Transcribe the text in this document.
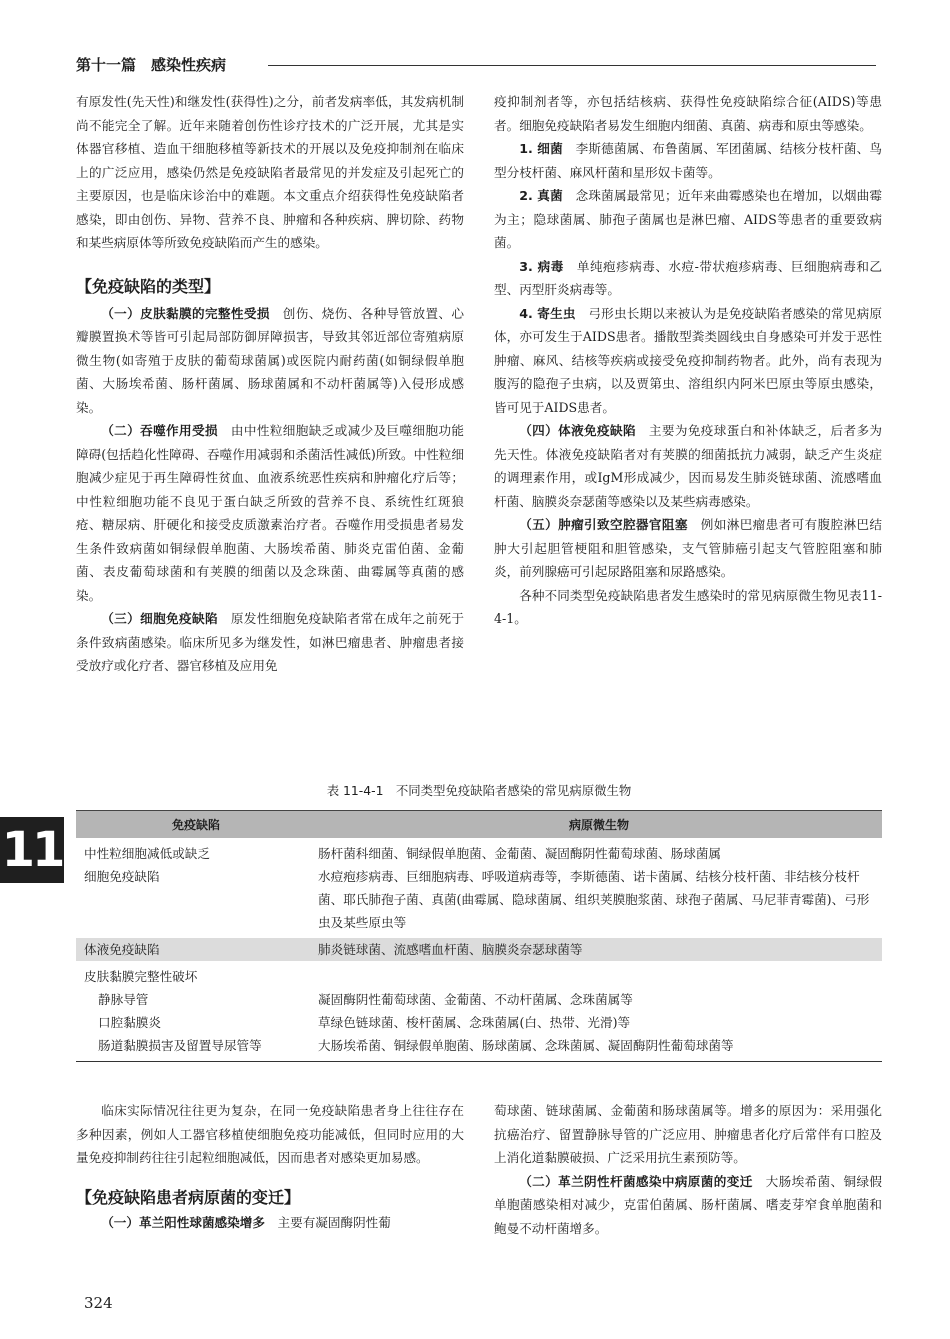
第十一篇　感染性疾病

有原发性(先天性)和继发性(获得性)之分，前者发病率低，其发病机制尚不能完全了解。近年来随着创伤性诊疗技术的广泛开展，尤其是实体器官移植、造血干细胞移植等新技术的开展以及免疫抑制剂在临床上的广泛应用，感染仍然是免疫缺陷者最常见的并发症及引起死亡的主要原因，也是临床诊治中的难题。本文重点介绍获得性免疫缺陷者感染，即由创伤、异物、营养不良、肿瘤和各种疾病、脾切除、药物和某些病原体等所致免疫缺陷而产生的感染。

【免疫缺陷的类型】

（一）皮肤黏膜的完整性受损　创伤、烧伤、各种导管放置、心瓣膜置换术等皆可引起局部防御屏障损害，导致其邻近部位寄殖病原微生物(如寄殖于皮肤的葡萄球菌属)或医院内耐药菌(如铜绿假单胞菌、大肠埃希菌、肠杆菌属、肠球菌属和不动杆菌属等)入侵形成感染。

（二）吞噬作用受损　由中性粒细胞缺乏或减少及巨噬细胞功能障碍(包括趋化性障碍、吞噬作用减弱和杀菌活性减低)所致。中性粒细胞减少症见于再生障碍性贫血、血液系统恶性疾病和肿瘤化疗后等；中性粒细胞功能不良见于蛋白缺乏所致的营养不良、系统性红斑狼疮、糖尿病、肝硬化和接受皮质激素治疗者。吞噬作用受损患者易发生条件致病菌如铜绿假单胞菌、大肠埃希菌、肺炎克雷伯菌、金葡菌、表皮葡萄球菌和有荚膜的细菌以及念珠菌、曲霉属等真菌的感染。

（三）细胞免疫缺陷　原发性细胞免疫缺陷者常在成年之前死于条件致病菌感染。临床所见多为继发性，如淋巴瘤患者、肿瘤患者接受放疗或化疗者、器官移植及应用免

疫抑制剂者等，亦包括结核病、获得性免疫缺陷综合征(AIDS)等患者。细胞免疫缺陷者易发生细胞内细菌、真菌、病毒和原虫等感染。

1. 细菌　李斯德菌属、布鲁菌属、军团菌属、结核分枝杆菌、鸟型分枝杆菌、麻风杆菌和星形奴卡菌等。

2. 真菌　念珠菌属最常见；近年来曲霉感染也在增加，以烟曲霉为主；隐球菌属、肺孢子菌属也是淋巴瘤、AIDS等患者的重要致病菌。

3. 病毒　单纯疱疹病毒、水痘-带状疱疹病毒、巨细胞病毒和乙型、丙型肝炎病毒等。

4. 寄生虫　弓形虫长期以来被认为是免疫缺陷者感染的常见病原体，亦可发生于AIDS患者。播散型粪类圆线虫自身感染可并发于恶性肿瘤、麻风、结核等疾病或接受免疫抑制药物者。此外，尚有表现为腹泻的隐孢子虫病，以及贾第虫、溶组织内阿米巴原虫等原虫感染，皆可见于AIDS患者。

（四）体液免疫缺陷　主要为免疫球蛋白和补体缺乏，后者多为先天性。体液免疫缺陷者对有荚膜的细菌抵抗力减弱，缺乏产生炎症的调理素作用，或IgM形成减少，因而易发生肺炎链球菌、流感嗜血杆菌、脑膜炎奈瑟菌等感染以及某些病毒感染。

（五）肿瘤引致空腔器官阻塞　例如淋巴瘤患者可有腹腔淋巴结肿大引起胆管梗阻和胆管感染，支气管肺癌引起支气管腔阻塞和肺炎，前列腺癌可引起尿路阻塞和尿路感染。

各种不同类型免疫缺陷患者发生感染时的常见病原微生物见表11-4-1。

11
表 11-4-1　不同类型免疫缺陷者感染的常见病原微生物
免疫缺陷	病原微生物
中性粒细胞减低或缺乏	肠杆菌科细菌、铜绿假单胞菌、金葡菌、凝固酶阴性葡萄球菌、肠球菌属
细胞免疫缺陷	水痘疱疹病毒、巨细胞病毒、呼吸道病毒等，李斯德菌、诺卡菌属、结核分枝杆菌、非结核分枝杆菌、耶氏肺孢子菌、真菌(曲霉属、隐球菌属、组织荚膜胞浆菌、球孢子菌属、马尼菲青霉菌)、弓形虫及某些原虫等
体液免疫缺陷	肺炎链球菌、流感嗜血杆菌、脑膜炎奈瑟球菌等
皮肤黏膜完整性破坏
静脉导管	凝固酶阴性葡萄球菌、金葡菌、不动杆菌属、念珠菌属等
口腔黏膜炎	草绿色链球菌、梭杆菌属、念珠菌属(白、热带、光滑)等
肠道黏膜损害及留置导尿管等	大肠埃希菌、铜绿假单胞菌、肠球菌属、念珠菌属、凝固酶阴性葡萄球菌等

临床实际情况往往更为复杂，在同一免疫缺陷患者身上往往存在多种因素，例如人工器官移植使细胞免疫功能减低，但同时应用的大量免疫抑制药往往引起粒细胞减低，因而患者对感染更加易感。

【免疫缺陷患者病原菌的变迁】

（一）革兰阳性球菌感染增多　主要有凝固酶阴性葡

萄球菌、链球菌属、金葡菌和肠球菌属等。增多的原因为：采用强化抗癌治疗、留置静脉导管的广泛应用、肿瘤患者化疗后常伴有口腔及上消化道黏膜破损、广泛采用抗生素预防等。

（二）革兰阴性杆菌感染中病原菌的变迁　大肠埃希菌、铜绿假单胞菌感染相对减少，克雷伯菌属、肠杆菌属、嗜麦芽窄食单胞菌和鲍曼不动杆菌增多。

324
